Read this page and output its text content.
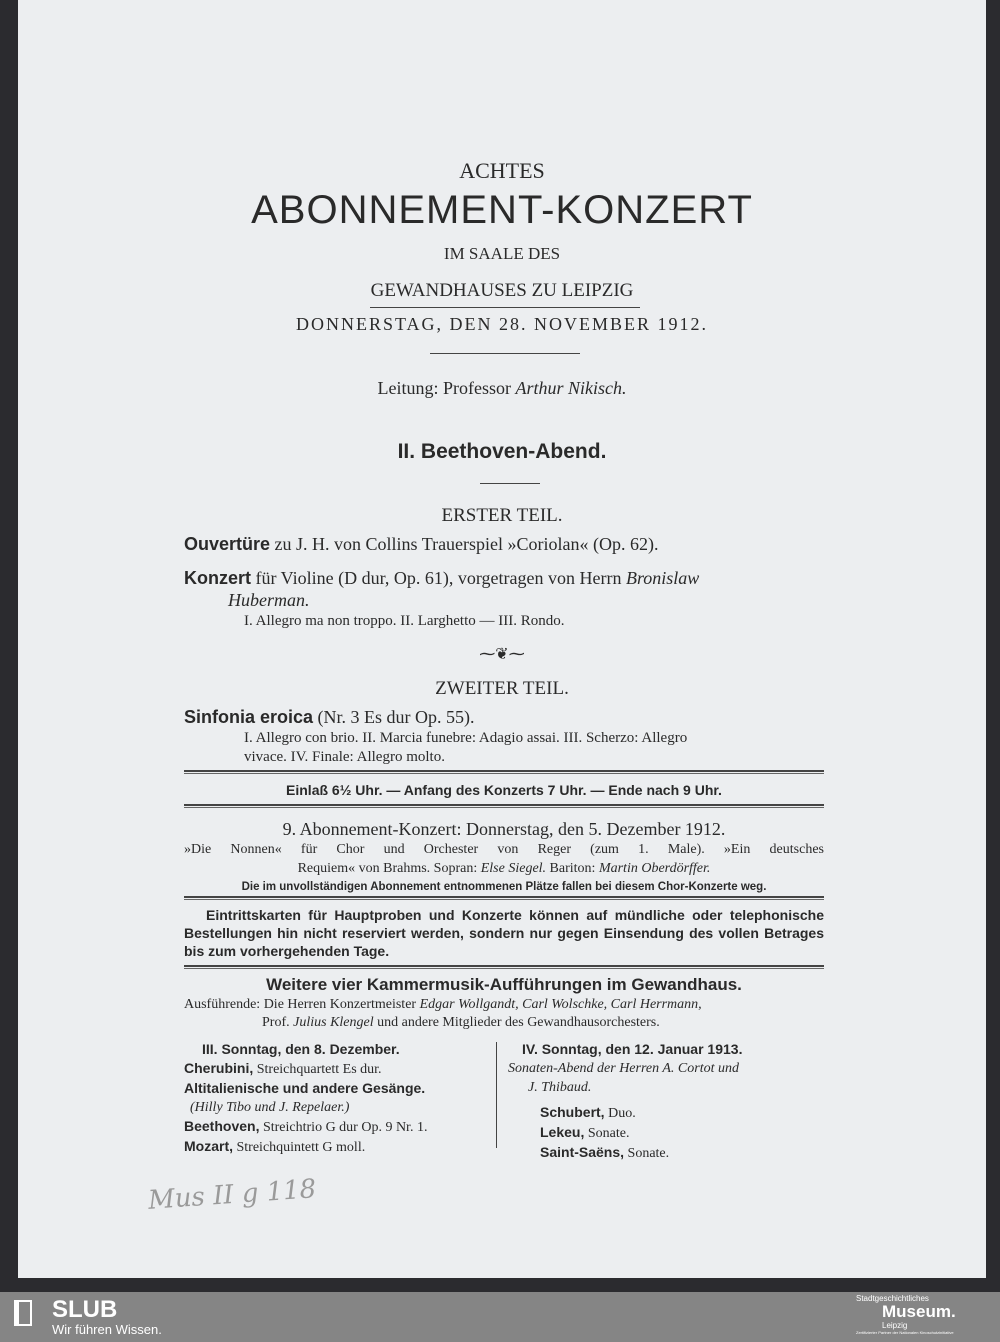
ACHTES
ABONNEMENT-KONZERT
IM SAALE DES
GEWANDHAUSES ZU LEIPZIG
DONNERSTAG, DEN 28. NOVEMBER 1912.
Leitung: Professor Arthur Nikisch.
II. Beethoven-Abend.
ERSTER TEIL.
Ouvertüre zu J. H. von Collins Trauerspiel »Coriolan« (Op. 62).
Konzert für Violine (D dur, Op. 61), vorgetragen von Herrn Bronislaw
Huberman.
I. Allegro ma non troppo. II. Larghetto — III. Rondo.
⁓❦⁓
ZWEITER TEIL.
Sinfonia eroica (Nr. 3 Es dur Op. 55).
I. Allegro con brio. II. Marcia funebre: Adagio assai. III. Scherzo: Allegro
vivace. IV. Finale: Allegro molto.
Einlaß 6½ Uhr. — Anfang des Konzerts 7 Uhr. — Ende nach 9 Uhr.
9. Abonnement-Konzert: Donnerstag, den 5. Dezember 1912.
»Die Nonnen« für Chor und Orchester von Reger (zum 1. Male). »Ein deutsches
Requiem« von Brahms. Sopran: Else Siegel. Bariton: Martin Oberdörffer.
Die im unvollständigen Abonnement entnommenen Plätze fallen bei diesem Chor-Konzerte weg.
Eintrittskarten für Hauptproben und Konzerte können auf mündliche oder telephonische Bestellungen hin nicht reserviert werden, sondern nur gegen Einsendung des vollen Betrages bis zum vorhergehenden Tage.
Weitere vier Kammermusik-Aufführungen im Gewandhaus.
Ausführende: Die Herren Konzertmeister Edgar Wollgandt, Carl Wolschke, Carl Herrmann,
Prof. Julius Klengel und andere Mitglieder des Gewandhausorchesters.
III. Sonntag, den 8. Dezember.
Cherubini, Streichquartett Es dur.
Altitalienische und andere Gesänge.
(Hilly Tibo und J. Repelaer.)
Beethoven, Streichtrio G dur Op. 9 Nr. 1.
Mozart, Streichquintett G moll.
IV. Sonntag, den 12. Januar 1913.
Sonaten-Abend der Herren A. Cortot und
J. Thibaud.
Schubert, Duo.
Lekeu, Sonate.
Saint-Saëns, Sonate.
Mus II g 118
SLUB
Wir führen Wissen.
Stadtgeschichtliches
Museum.
Leipzig
Zertifizierter Partner der Nationalen Kinoschutzinitiative
